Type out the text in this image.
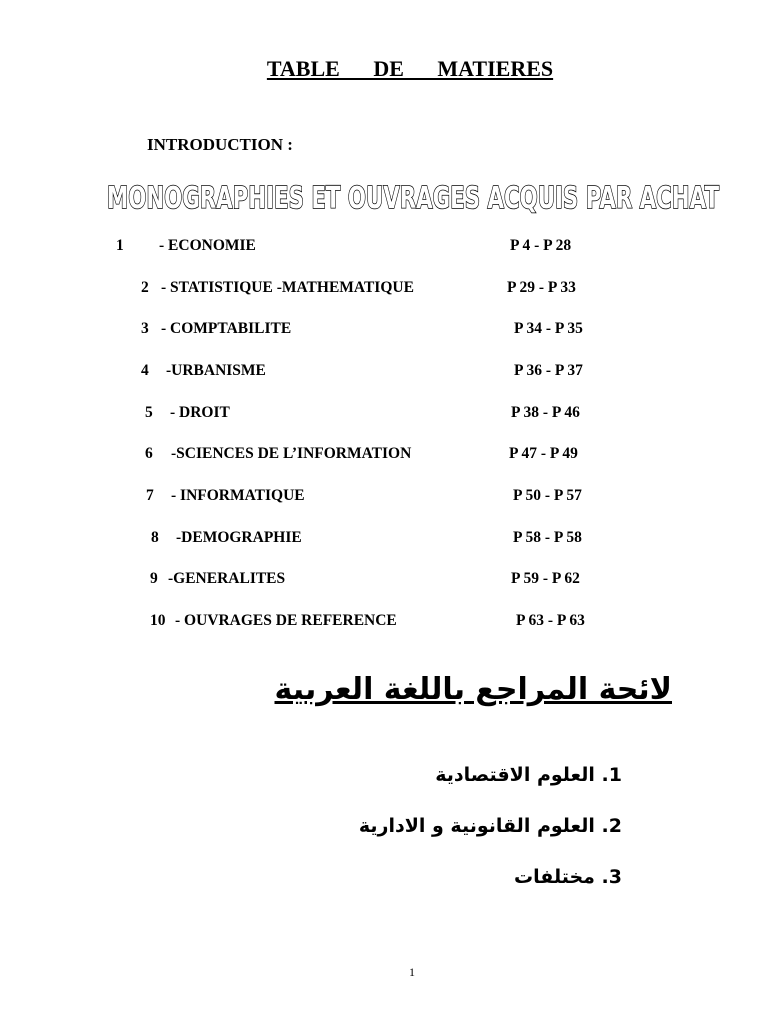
TABLE DE MATIERES
INTRODUCTION :
MONOGRAPHIES ET OUVRAGES ACQUIS PAR ACHAT
1 - ECONOMIE	P 4 - P 28
2 - STATISTIQUE -MATHEMATIQUE	P 29 - P 33
3 - COMPTABILITE	P 34 - P 35
4 -URBANISME	P 36 - P 37
5 - DROIT	P 38 - P 46
6 -SCIENCES DE L’INFORMATION	P 47 - P 49
7 - INFORMATIQUE	P 50 - P 57
8 -DEMOGRAPHIE	P 58 - P 58
9 -GENERALITES	P 59 - P 62
10 - OUVRAGES DE REFERENCE	P 63 - P 63
لائحة المراجع باللغة العربية
1. العلوم الاقتصادية
2. العلوم القانونية و الادارية
3. مختلفات
1
